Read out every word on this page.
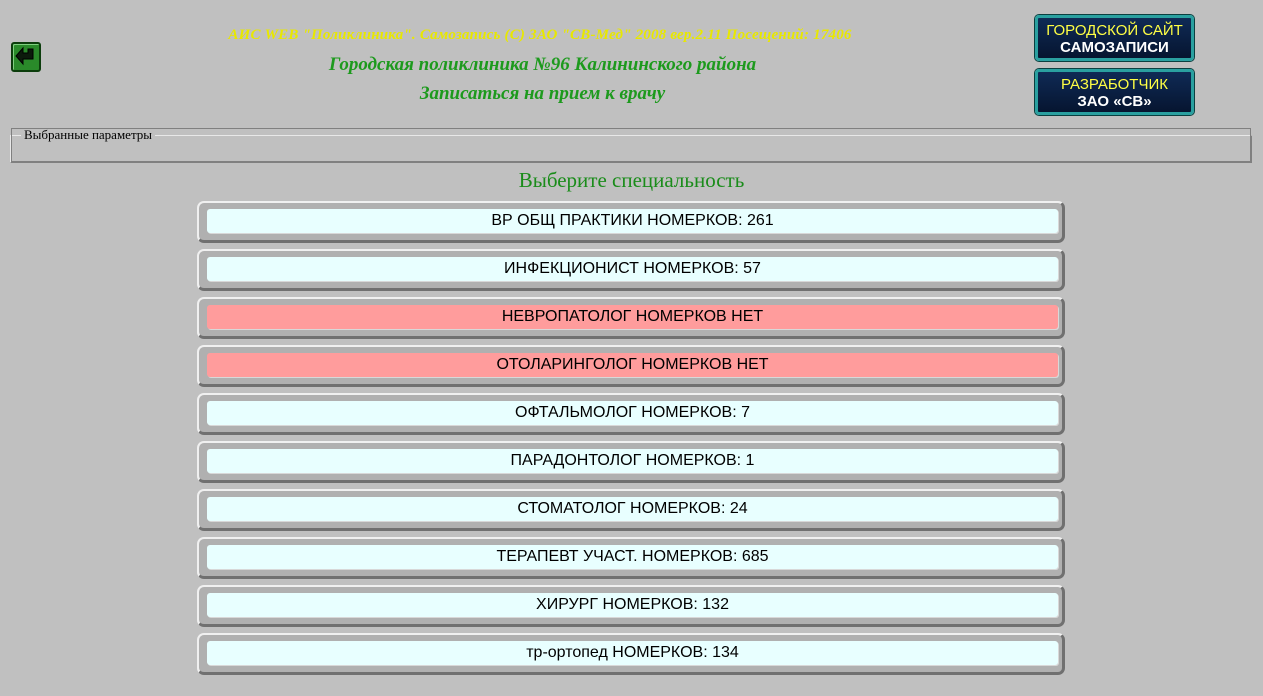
АИС WEB "Поликлиника". Самозапись (С) ЗАО "СВ-Мед" 2008 вер.2.11 Посещений: 17406
Городская поликлиника №96 Калининского района
Записаться на прием к врачу
ГОРОДСКОЙ САЙТ
САМОЗАПИСИ
РАЗРАБОТЧИК
ЗАО «СВ»
Выбранные параметры
Выберите специальность
ВР ОБЩ ПРАКТИКИ НОМЕРКОВ: 261
ИНФЕКЦИОНИСТ НОМЕРКОВ: 57
НЕВРОПАТОЛОГ НОМЕРКОВ НЕТ
ОТОЛАРИНГОЛОГ НОМЕРКОВ НЕТ
ОФТАЛЬМОЛОГ НОМЕРКОВ: 7
ПАРАДОНТОЛОГ НОМЕРКОВ: 1
СТОМАТОЛОГ НОМЕРКОВ: 24
ТЕРАПЕВТ УЧАСТ. НОМЕРКОВ: 685
ХИРУРГ НОМЕРКОВ: 132
тр-ортопед НОМЕРКОВ: 134
